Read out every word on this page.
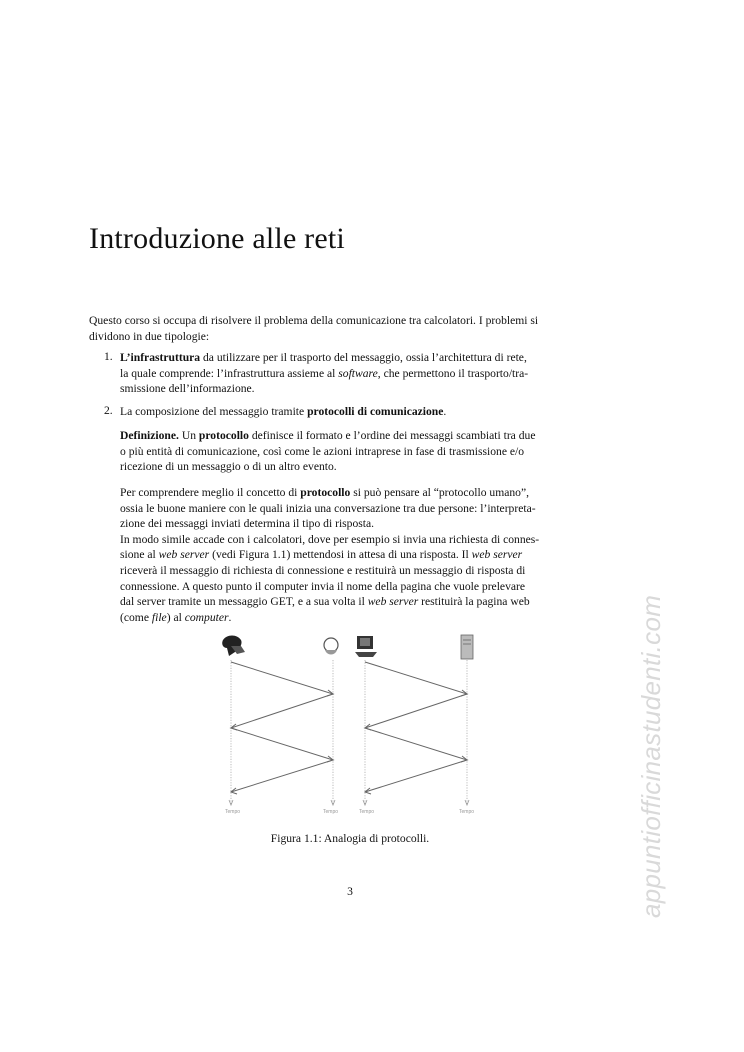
Introduzione alle reti
Questo corso si occupa di risolvere il problema della comunicazione tra calcolatori. I problemi si
dividono in due tipologie:
1. L’infrastruttura da utilizzare per il trasporto del messaggio, ossia l’architettura di rete,
la quale comprende: l’infrastruttura assieme al software, che permettono il trasporto/tra-
smissione dell’informazione.
2. La composizione del messaggio tramite protocolli di comunicazione.
Definizione. Un protocollo definisce il formato e l’ordine dei messaggi scambiati tra due
o più entità di comunicazione, così come le azioni intraprese in fase di trasmissione e/o
ricezione di un messaggio o di un altro evento.
Per comprendere meglio il concetto di protocollo si può pensare al “protocollo umano”,
ossia le buone maniere con le quali inizia una conversazione tra due persone: l’interpreta-
zione dei messaggi inviati determina il tipo di risposta.
In modo simile accade con i calcolatori, dove per esempio si invia una richiesta di connes-
sione al web server (vedi Figura 1.1) mettendosi in attesa di una risposta. Il web server
riceverà il messaggio di richiesta di connessione e restituirà un messaggio di risposta di
connessione. A questo punto il computer invia il nome della pagina che vuole prelevare
dal server tramite un messaggio GET, e a sua volta il web server restituirà la pagina web
(come file) al computer.
Tempo	Tempo	Tempo	Tempo
Figura 1.1: Analogia di protocolli.
3	appuntiofficinastudenti.com
